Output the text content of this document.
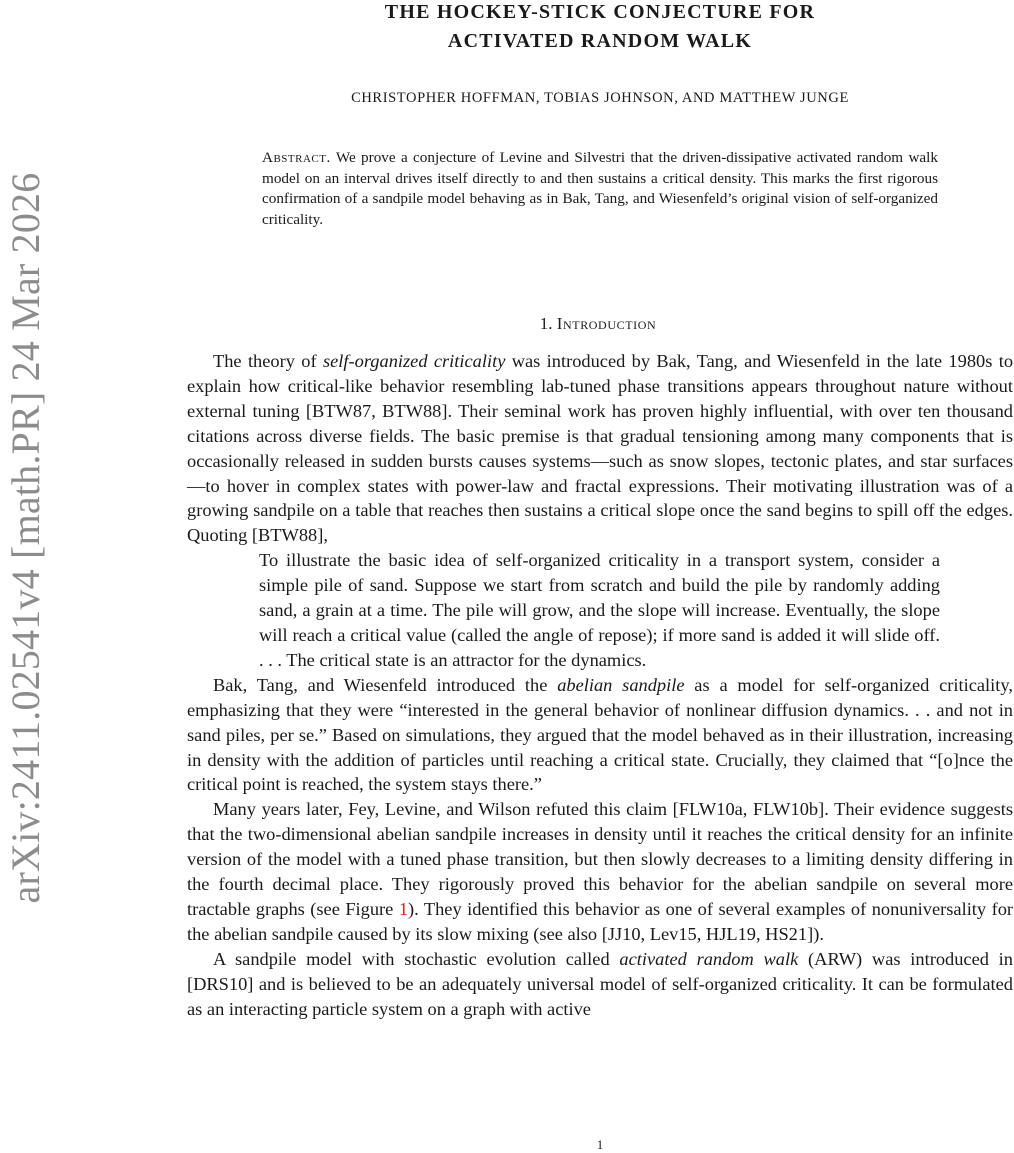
arXiv:2411.02541v4 [math.PR] 24 Mar 2026
THE HOCKEY-STICK CONJECTURE FOR
ACTIVATED RANDOM WALK
CHRISTOPHER HOFFMAN, TOBIAS JOHNSON, AND MATTHEW JUNGE
Abstract. We prove a conjecture of Levine and Silvestri that the driven-dissipative activated random walk model on an interval drives itself directly to and then sustains a critical density. This marks the first rigorous confirmation of a sandpile model behaving as in Bak, Tang, and Wiesenfeld’s original vision of self-organized criticality.
1. Introduction

The theory of self-organized criticality was introduced by Bak, Tang, and Wiesenfeld in the late 1980s to explain how critical-like behavior resembling lab-tuned phase transitions appears throughout nature without external tuning [BTW87, BTW88]. Their seminal work has proven highly influential, with over ten thousand citations across diverse fields. The basic premise is that gradual tensioning among many components that is occasionally released in sudden bursts causes systems—such as snow slopes, tectonic plates, and star surfaces—to hover in complex states with power-law and fractal expressions. Their motivating illustration was of a growing sandpile on a table that reaches then sustains a critical slope once the sand begins to spill off the edges. Quoting [BTW88],

To illustrate the basic idea of self-organized criticality in a transport system, consider a simple pile of sand. Suppose we start from scratch and build the pile by randomly adding sand, a grain at a time. The pile will grow, and the slope will increase. Eventually, the slope will reach a critical value (called the angle of repose); if more sand is added it will slide off. . . . The critical state is an attractor for the dynamics.

Bak, Tang, and Wiesenfeld introduced the abelian sandpile as a model for self-organized criticality, emphasizing that they were “interested in the general behavior of nonlinear diffusion dynamics. . . and not in sand piles, per se.” Based on simulations, they argued that the model behaved as in their illustration, increasing in density with the addition of particles until reaching a critical state. Crucially, they claimed that “[o]nce the critical point is reached, the system stays there.”

Many years later, Fey, Levine, and Wilson refuted this claim [FLW10a, FLW10b]. Their evidence suggests that the two-dimensional abelian sandpile increases in density until it reaches the critical density for an infinite version of the model with a tuned phase transition, but then slowly decreases to a limiting density differing in the fourth decimal place. They rigorously proved this behavior for the abelian sandpile on several more tractable graphs (see Figure 1). They identified this behavior as one of several examples of nonuniversality for the abelian sandpile caused by its slow mixing (see also [JJ10, Lev15, HJL19, HS21]).

A sandpile model with stochastic evolution called activated random walk (ARW) was introduced in [DRS10] and is believed to be an adequately universal model of self-organized criticality. It can be formulated as an interacting particle system on a graph with active

1
